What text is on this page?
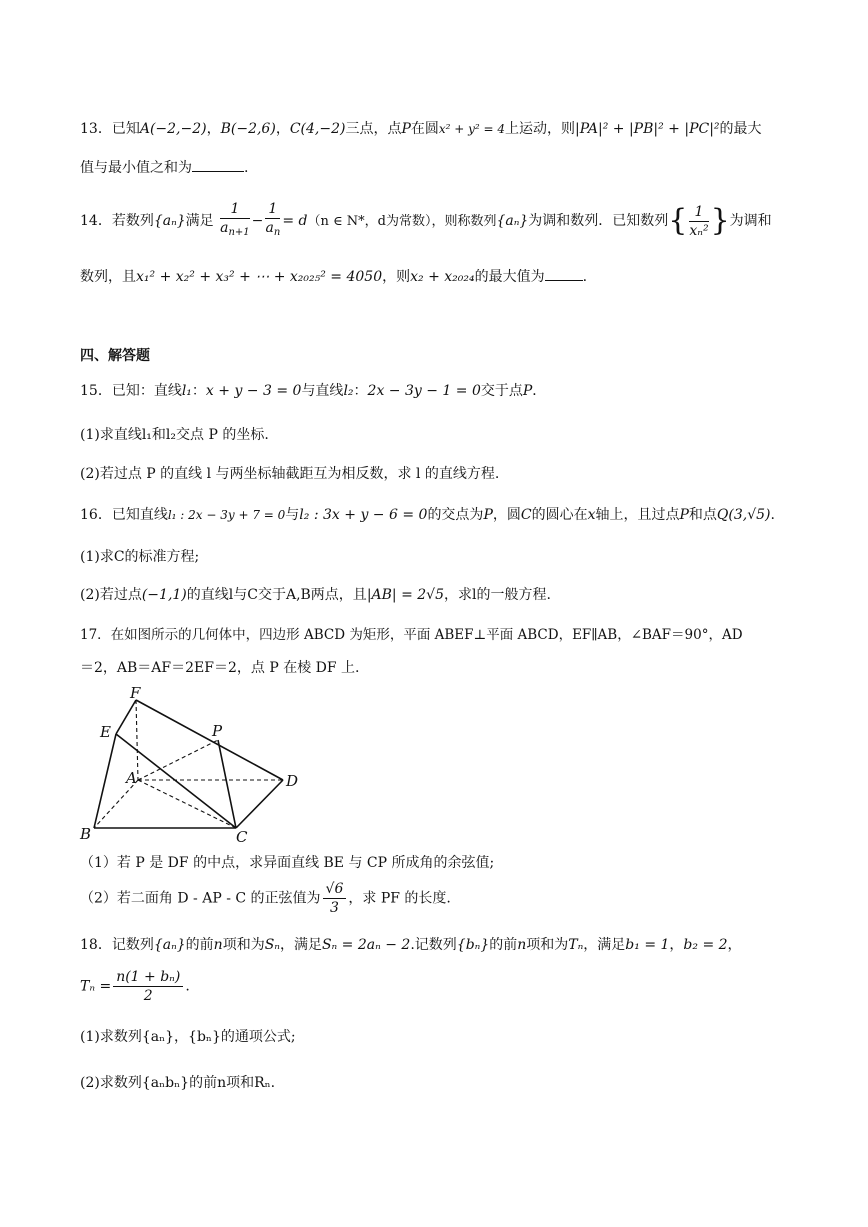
13．已知A(−2,−2)，B(−2,6)，C(4,−2)三点，点P在圆x² + y² = 4上运动，则|PA|² + |PB|² + |PC|²的最大
值与最小值之和为	.
14．若数列{aₙ}满足 $\frac{1}{a_{n+1}} - \frac{1}{a_n} = d(n$ ∈ N*，d为常数），则称数列{aₙ}为调和数列．已知数列{ $\frac{1}{\text{xₙ²}}$ }为调和
数列，且x₁² + x₂² + x₃² + ⋯ + x₂₀₂₅² = 4050，则x₂ + x₂₀₂₄的最大值为	.
四、解答题
15．已知：直线l₁：x + y − 3 = 0与直线l₂：2x − 3y − 1 = 0交于点P．
(1)求直线l₁和l₂交点 P 的坐标.
(2)若过点 P 的直线 l 与两坐标轴截距互为相反数，求 l 的直线方程.
16．已知直线l₁ : 2x − 3y + 7 = 0与l₂ : 3x + y − 6 = 0的交点为P，圆C的圆心在x轴上，且过点P和点Q(3,√5).
(1)求C的标准方程;
(2)若过点(−1,1)的直线l与C交于A,B两点，且|AB| = 2√5，求l的一般方程.
17．在如图所示的几何体中，四边形 ABCD 为矩形，平面 ABEF⊥平面 ABCD，EF∥AB，∠BAF＝90°，AD
＝2，AB＝AF＝2EF＝2，点 P 在棱 DF 上.
F
E	P
A	D
B	C
（1）若 P 是 DF 的中点，求异面直线 BE 与 CP 所成角的余弦值;
（2）若二面角 D - AP - C 的正弦值为 $\frac{√6}{3}$ ，求 PF 的长度.
18．记数列{aₙ}的前n项和为Sₙ，满足Sₙ = 2aₙ − 2.记数列{bₙ}的前n项和为Tₙ，满足b₁ = 1，b₂ = 2，
$T_n = \frac{\text{n(1 + bₙ)}}{2}$ .
(1)求数列{aₙ}，{bₙ}的通项公式;
(2)求数列{aₙbₙ}的前n项和Rₙ.
